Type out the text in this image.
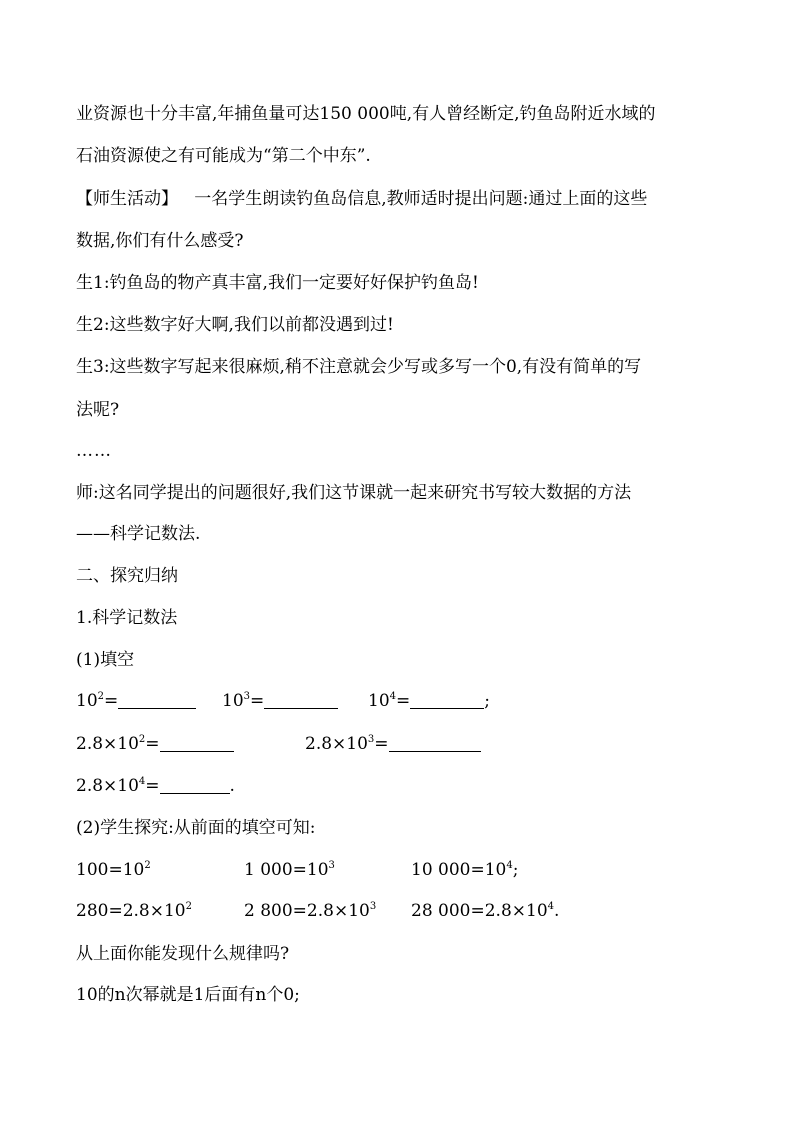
业资源也十分丰富,年捕鱼量可达150 000吨,有人曾经断定,钓鱼岛附近水域的
石油资源使之有可能成为“第二个中东”.
【师生活动】   一名学生朗读钓鱼岛信息,教师适时提出问题:通过上面的这些
数据,你们有什么感受?
生1:钓鱼岛的物产真丰富,我们一定要好好保护钓鱼岛!
生2:这些数字好大啊,我们以前都没遇到过!
生3:这些数字写起来很麻烦,稍不注意就会少写或多写一个0,有没有简单的写
法呢?
……
师:这名同学提出的问题很好,我们这节课就一起来研究书写较大数据的方法
——科学记数法.
二、探究归纳
1.科学记数法
(1)填空
$10^2=$	$10^3=$	$10^4=$	;
$2.8\times 10^2=$	$2.8\times 10^3=$
$2.8\times 10^4=$	.
(2)学生探究:从前面的填空可知:
$100=10^2$	1 $000=10^3$	10 $000=10^4$;
$280=2.8\times 10^2$	2 $800=2.8\times 10^3$ 28 $000=2.8\times 10^4$.
从上面你能发现什么规律吗?
10的n次幂就是1后面有n个0;
